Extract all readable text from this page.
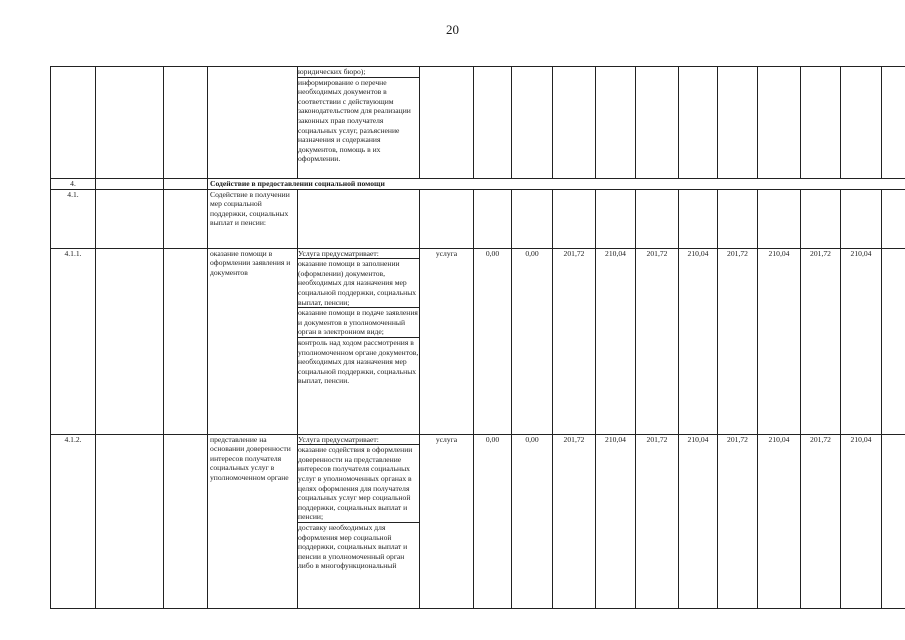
20

				юридических бюро);
информирование о перечне необходимых документов в соответствии с действующим законодательством для реализации законных прав получателя социальных услуг, разъяснение назначения и содержания документов, помощь в их оформлении.												

4.			Содействие в предоставлении социальной помощи													
4.1.			Содействие в получении мер социальной поддержки, социальных выплат и пенсии:													
4.1.1.			оказание помощи в оформлении заявления и документов	Услуга предусматривает:
оказание помощи в заполнении (оформлении) документов, необходимых для назначения мер социальной поддержки, социальных выплат, пенсии;
оказание помощи в подаче заявления и документов в уполномоченный орган в электронном виде;
контроль над ходом рассмотрения в уполномоченном органе документов, необходимых для назначения мер социальной поддержки, социальных выплат, пенсии.	услуга	0,00	0,00	201,72	210,04	201,72	210,04	201,72	210,04	201,72	210,04	
4.1.2.			представление на основании доверенности интересов получателя социальных услуг в уполномоченном органе	Услуга предусматривает:
оказание содействия в оформлении доверенности на представление интересов получателя социальных услуг в уполномоченных органах в целях оформления для получателя социальных услуг мер социальной поддержки, социальных выплат и пенсии;
доставку необходимых для оформления мер социальной поддержки, социальных выплат и пенсии в уполномоченный орган либо в многофункциональный	услуга	0,00	0,00	201,72	210,04	201,72	210,04	201,72	210,04	201,72	210,04	
